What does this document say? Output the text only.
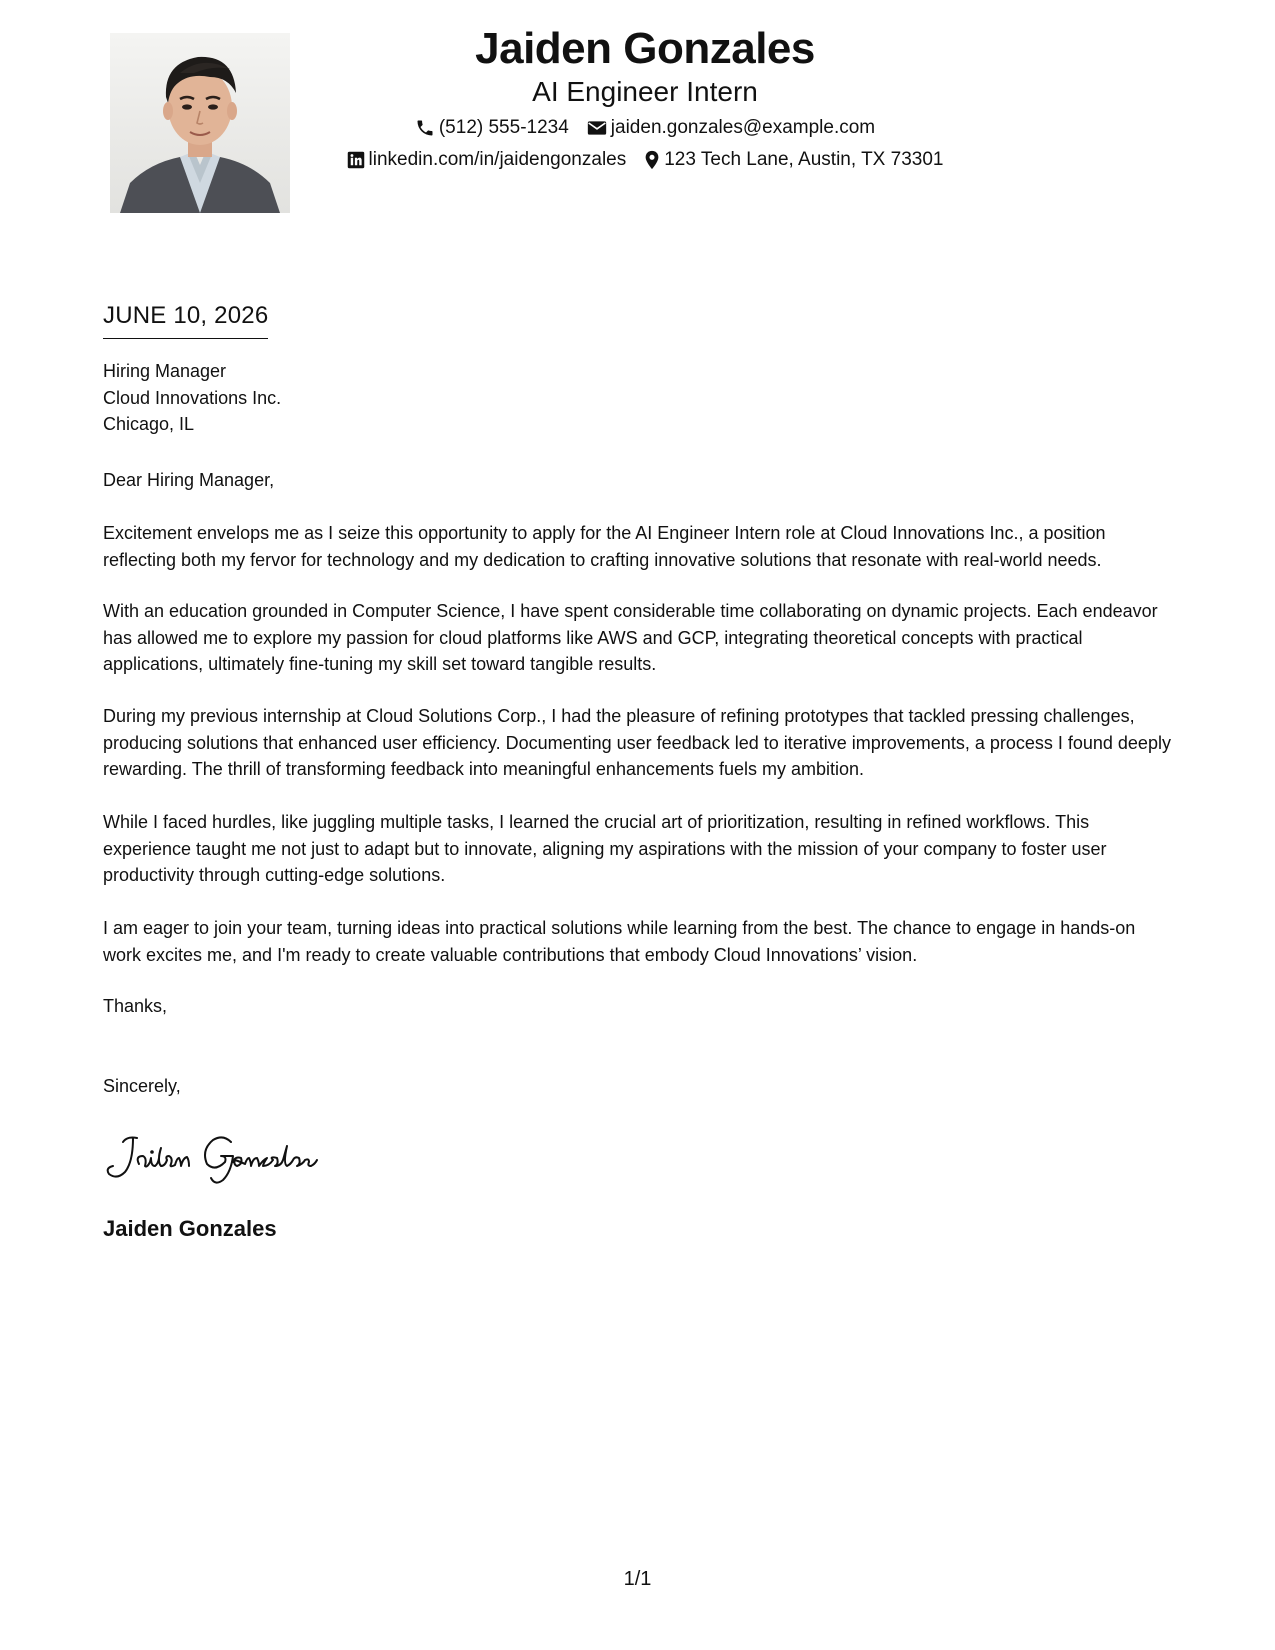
Jaiden Gonzales
AI Engineer Intern
(512) 555-1234 jaiden.gonzales@example.com
linkedin.com/in/jaidengonzales 123 Tech Lane, Austin, TX 73301
JUNE 10, 2026
Hiring Manager
Cloud Innovations Inc.
Chicago, IL
Dear Hiring Manager,

Excitement envelops me as I seize this opportunity to apply for the AI Engineer Intern role at Cloud Innovations Inc., a position reflecting both my fervor for technology and my dedication to crafting innovative solutions that resonate with real-world needs.

With an education grounded in Computer Science, I have spent considerable time collaborating on dynamic projects. Each endeavor has allowed me to explore my passion for cloud platforms like AWS and GCP, integrating theoretical concepts with practical applications, ultimately fine-tuning my skill set toward tangible results.

During my previous internship at Cloud Solutions Corp., I had the pleasure of refining prototypes that tackled pressing challenges, producing solutions that enhanced user efficiency. Documenting user feedback led to iterative improvements, a process I found deeply rewarding. The thrill of transforming feedback into meaningful enhancements fuels my ambition.

While I faced hurdles, like juggling multiple tasks, I learned the crucial art of prioritization, resulting in refined workflows. This experience taught me not just to adapt but to innovate, aligning my aspirations with the mission of your company to foster user productivity through cutting-edge solutions.

I am eager to join your team, turning ideas into practical solutions while learning from the best. The chance to engage in hands-on work excites me, and I'm ready to create valuable contributions that embody Cloud Innovations’ vision.

Thanks,
Sincerely,
Jaiden Gonzales
1/1
